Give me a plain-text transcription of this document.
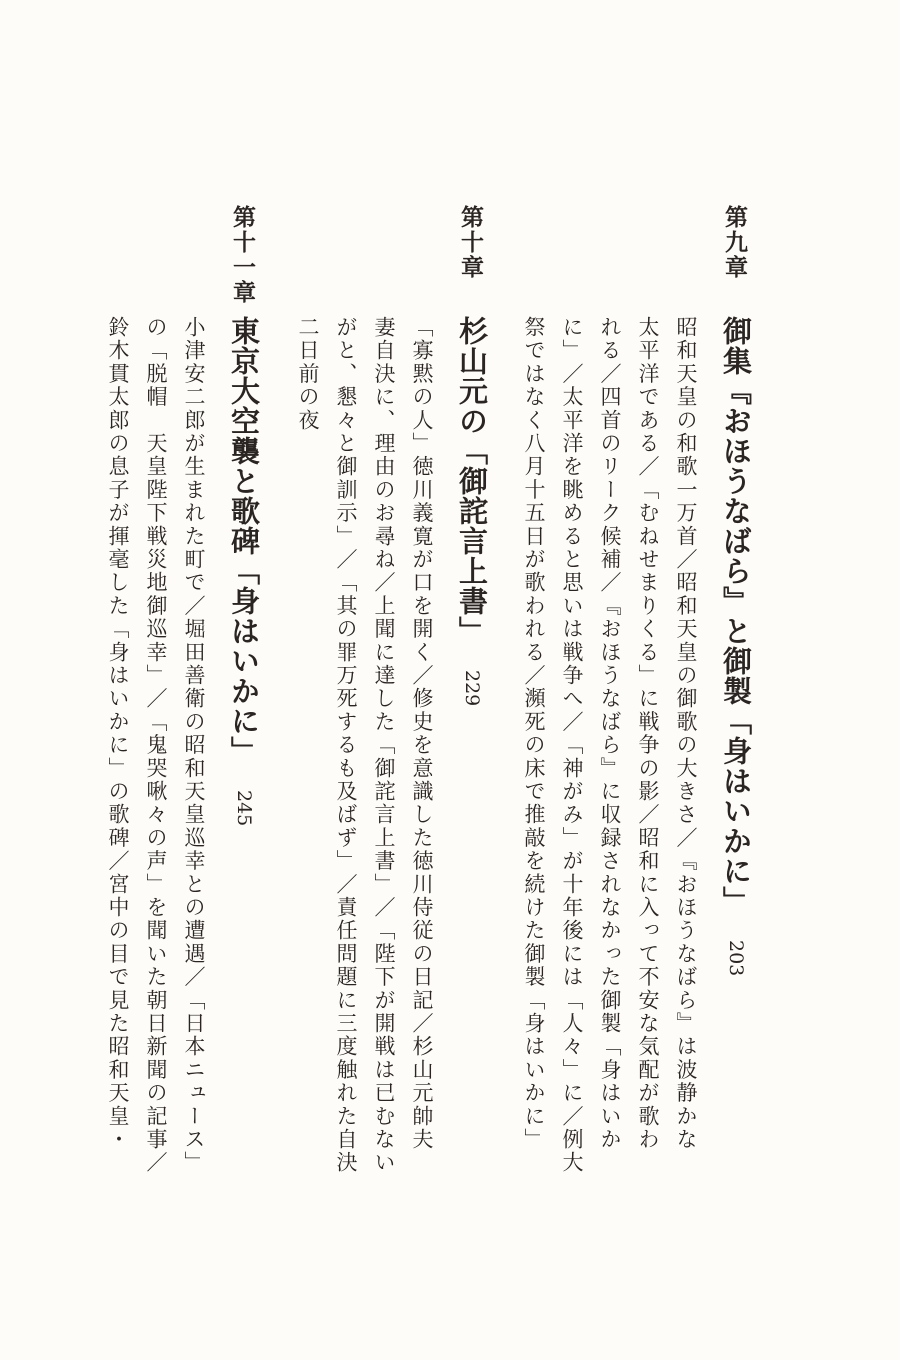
第九章
御集『おほうなばら』と御製「身はいかに」203
昭和天皇の和歌一万首／昭和天皇の御歌の大きさ／『おほうなばら』は波静かな
太平洋である／「むねせまりくる」に戦争の影／昭和に入って不安な気配が歌わ
れる／四首のリーク候補／『おほうなばら』に収録されなかった御製「身はいか
に」／太平洋を眺めると思いは戦争へ／「神がみ」が十年後には「人々」に／例大
祭ではなく八月十五日が歌われる／瀕死の床で推敲を続けた御製「身はいかに」
第十章
杉山元の「御詫言上書」229
「寡黙の人」徳川義寛が口を開く／修史を意識した徳川侍従の日記／杉山元帥夫
妻自決に、理由のお尋ね／上聞に達した「御詫言上書」／「陛下が開戦は已むない
がと、懇々と御訓示」／「其の罪万死するも及ばず」／責任問題に三度触れた自決
二日前の夜
第十一章
東京大空襲と歌碑「身はいかに」245
小津安二郎が生まれた町で／堀田善衛の昭和天皇巡幸との遭遇／「日本ニュース」
の「脱帽　天皇陛下戦災地御巡幸」／「鬼哭啾々の声」を聞いた朝日新聞の記事／
鈴木貫太郎の息子が揮毫した「身はいかに」の歌碑／宮中の目で見た昭和天皇・
